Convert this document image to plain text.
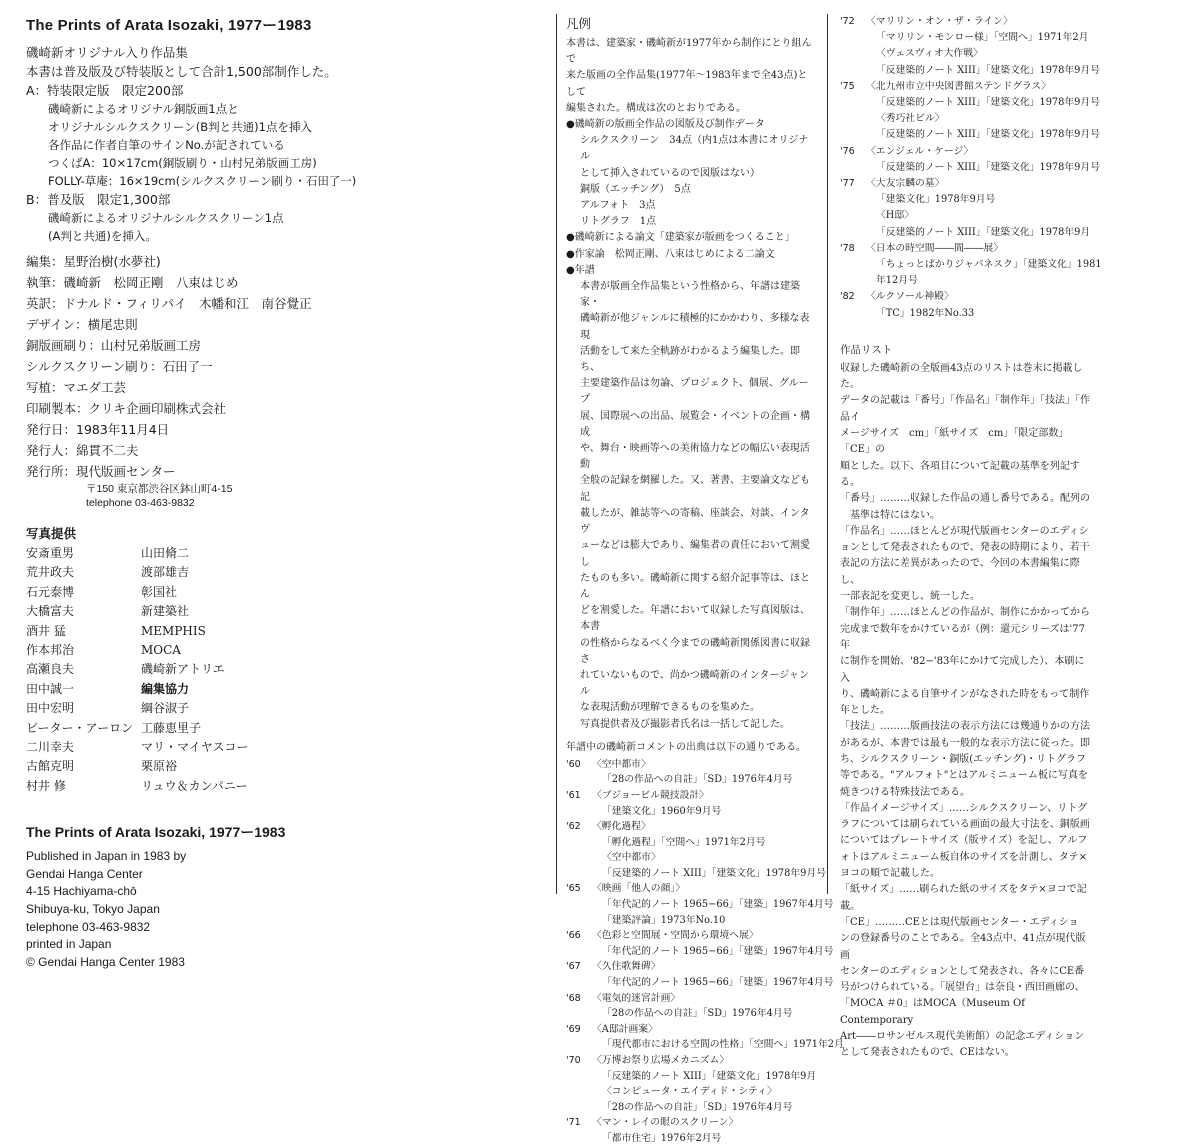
The Prints of Arata Isozaki, 1977ー1983
磯崎新オリジナル入り作品集
本書は普及版及び特装版として合計1,500部制作した。
A：特装限定版　限定200部
磯崎新によるオリジナル銅版画1点と
オリジナルシルクスクリーン(B判と共通)1点を挿入
各作品に作者自筆のサインNo.が記されている
つくばA：10×17cm(銅版刷り・山村兄弟版画工房)
FOLLY-草庵：16×19cm(シルクスクリーン刷り・石田了一)
B：普及版　限定1,300部
磯崎新によるオリジナルシルクスクリーン1点
(A判と共通)を挿入。
編集：星野治樹(水夢社)
執筆：磯崎新　松岡正剛　八束はじめ
英訳：ドナルド・フィリパイ　木幡和江　南谷覺正
デザイン：横尾忠則
銅版画刷り：山村兄弟版画工房
シルクスクリーン刷り：石田了一
写植：マエダ工芸
印刷製本：クリキ企画印刷株式会社
発行日：1983年11月4日
発行人：綿貫不二夫
発行所：現代版画センター
〒150 東京都渋谷区鉢山町4-15
telephone 03-463-9832
写真提供
安斎重男	山田脩二
荒井政夫	渡部雄吉
石元泰博	彰国社
大橋富夫	新建築社
酒井 猛	MEMPHIS
作本邦治	MOCA
高瀬良夫	磯崎新アトリエ
田中誠一	編集協力
田中宏明	綱谷淑子
ピーター・アーロン 工藤恵里子
二川幸夫	マリ・マイヤスコー
古館克明	栗原裕
村井 修	リュウ＆カンパニー
The Prints of Arata Isozaki, 1977ー1983
Published in Japan in 1983 by
Gendai Hanga Center
4-15 Hachiyama-chō
Shibuya-ku, Tokyo Japan
telephone 03-463-9832
printed in Japan
© Gendai Hanga Center 1983
凡例

本書は、建築家・磯崎新が1977年から制作にとり組んで

来た版画の全作品集(1977年〜1983年まで全43点)として

編集された。構成は次のとおりである。

●磯崎新の版画全作品の図版及び制作データ

シルクスクリーン　34点（内1点は本書にオリジナル

として挿入されているので図版はない）

銅版（エッチング）　5点

アルフォト　3点

リトグラフ　1点

●磯崎新による論文「建築家が版画をつくること」

●作家論　松岡正剛、八束はじめによる二論文

●年譜

本書が版画全作品集という性格から、年譜は建築家・

磯崎新が他ジャンルに積極的にかかわり、多様な表現

活動をして来た全軌跡がわかるよう編集した。即ち、

主要建築作品は勿論、プロジェクト、個展、グループ

展、国際展への出品、展覧会・イベントの企画・構成

や、舞台・映画等への美術協力などの幅広い表現活動

全般の記録を網羅した。又、著書、主要論文なども記

載したが、雑誌等への寄稿、座談会、対談、インタヴ

ューなどは膨大であり、編集者の責任において割愛し

たものも多い。磯崎新に関する紹介記事等は、ほとん

どを割愛した。年譜において収録した写真図版は、本書

の性格からなるべく今までの磯崎新関係図書に収録さ

れていないもので、尚かつ磯崎新のインタージャンル

な表現活動が理解できるものを集めた。

写真提供者及び撮影者氏名は一括して記した。

年譜中の磯崎新コメントの出典は以下の通りである。
'60	〈空中都市〉
「28の作品への自註」「SD」1976年4月号
'61	〈ブジョービル競技設計〉
「建築文化」1960年9月号
'62	〈孵化過程〉
「孵化過程」「空間へ」1971年2月号
〈空中都市〉
「反建築的ノート XIII」「建築文化」1978年9月号
'65	〈映画「他人の顔」〉
「年代記的ノート 1965−66」「建築」1967年4月号
「建築評論」1973年No.10
'66	〈色彩と空間展・空間から環境へ展〉
「年代記的ノート 1965−66」「建築」1967年4月号
'67	〈久住歌舞碑〉
「年代記的ノート 1965−66」「建築」1967年4月号
'68	〈電気的迷宮計画〉
「28の作品への自註」「SD」1976年4月号
'69	〈A邸計画案〉
「現代都市における空間の性格」「空間へ」1971年2月
'70	〈万博お祭り広場メカニズム〉
「反建築的ノート XIII」「建築文化」1978年9月
〈コンピュータ・エイディド・シティ〉
「28の作品への自註」「SD」1976年4月号
'71	〈マン・レイの眼のスクリーン〉
「都市住宅」1976年2月号
'72	〈マリリン・オン・ザ・ライン〉
「マリリン・モンロー様」「空間へ」1971年2月
〈ヴェスヴィオ大作戦〉
「反建築的ノート XIII」「建築文化」1978年9月号
'75	〈北九州市立中央図書館ステンドグラス〉
「反建築的ノート XIII」「建築文化」1978年9月号
〈秀巧社ビル〉
「反建築的ノート XIII」「建築文化」1978年9月号
'76	〈エンジェル・ケージ〉
「反建築的ノート XIII」「建築文化」1978年9月号
'77	〈大友宗麟の墓〉
「建築文化」1978年9月号
〈H邸〉
「反建築的ノート XIII」「建築文化」1978年9月
'78	〈日本の時空間――間――展〉
「ちょっとばかりジャパネスク」「建築文化」1981
年12月号
'82	〈ルクソール神殿〉
「TC」1982年No.33
作品リスト

収録した磯崎新の全版画43点のリストは巻末に掲載した。

データの記載は「番号」「作品名」「制作年」「技法」「作品イ

メージサイズ　cm」「紙サイズ　cm」「限定部数」「CE」の

順とした。以下、各項目について記載の基準を列記する。

「番号」………収録した作品の通し番号である。配列の

　基準は特にはない。

「作品名」……ほとんどが現代版画センターのエディシ

ョンとして発表されたもので、発表の時期により、若干

表記の方法に差異があったので、今回の本書編集に際し、

一部表記を変更し、統一した。

「制作年」……ほとんどの作品が、制作にかかってから

完成まで数年をかけているが（例：還元シリーズは'77年

に制作を開始、'82−'83年にかけて完成した）、本刷に入

り、磯崎新による自筆サインがなされた時をもって制作

年とした。

「技法」………版画技法の表示方法には幾通りかの方法

があるが、本書では最も一般的な表示方法に従った。即

ち、シルクスクリーン・銅版(エッチング)・リトグラフ

等である。"アルフォト"とはアルミニューム板に写真を

焼きつける特殊技法である。

「作品イメージサイズ」……シルクスクリーン、リトグ

ラフについては刷られている画面の最大寸法を、銅版画

についてはプレートサイズ（版サイズ）を記し、アルフ

ォトはアルミニューム板自体のサイズを計測し、タテ×

ヨコの順で記載した。

「紙サイズ」……刷られた紙のサイズをタテ×ヨコで記

載。

「CE」………CEとは現代版画センター・エディショ

ンの登録番号のことである。全43点中、41点が現代版画

センターのエディションとして発表され、各々にCE番

号がつけられている。「展望台」は奈良・西田画廊の、

「MOCA ＃0」はMOCA（Museum Of Contemporary

Art――ロサンゼルス現代美術館）の記念エディション

として発表されたもので、CEはない。
